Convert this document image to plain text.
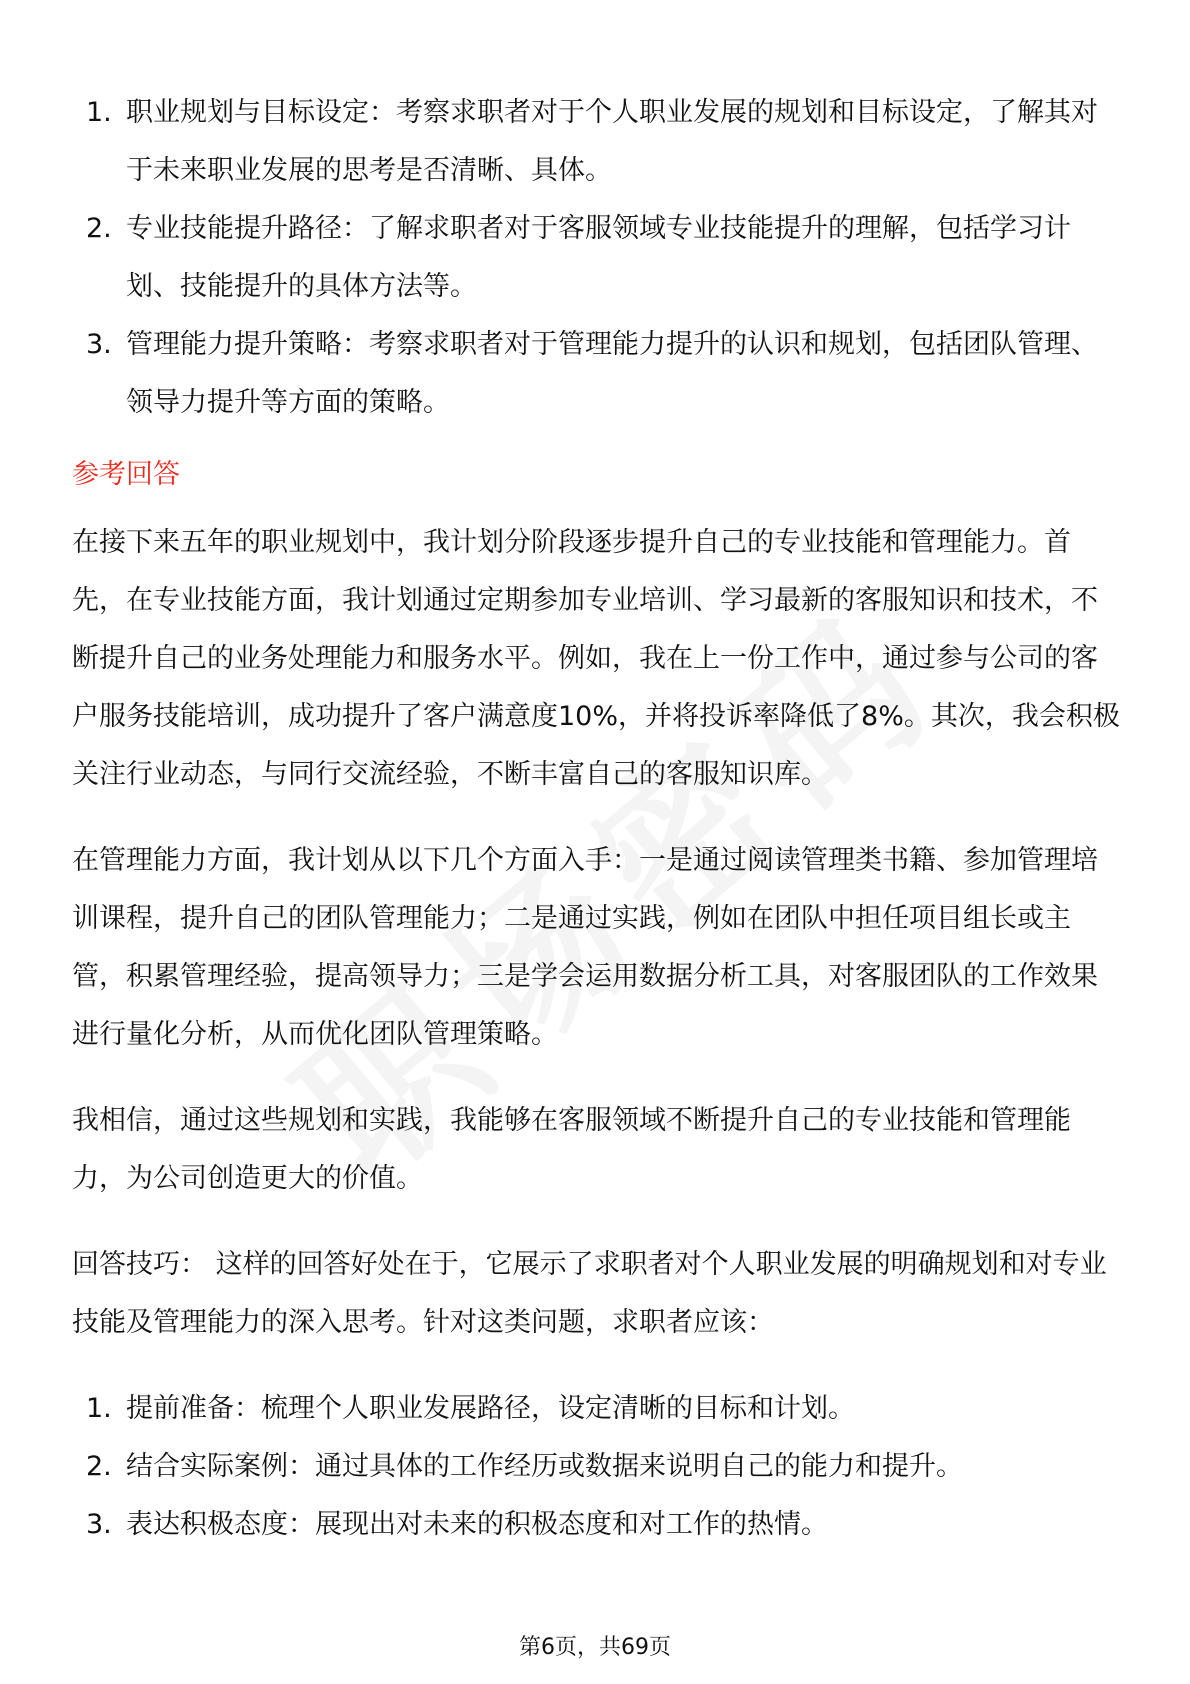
1. 职业规划与目标设定：考察求职者对于个人职业发展的规划和目标设定，了解其对于未来职业发展的思考是否清晰、具体。
2. 专业技能提升路径：了解求职者对于客服领域专业技能提升的理解，包括学习计划、技能提升的具体方法等。
3. 管理能力提升策略：考察求职者对于管理能力提升的认识和规划，包括团队管理、领导力提升等方面的策略。
参考回答

在接下来五年的职业规划中，我计划分阶段逐步提升自己的专业技能和管理能力。首先，在专业技能方面，我计划通过定期参加专业培训、学习最新的客服知识和技术，不断提升自己的业务处理能力和服务水平。例如，我在上一份工作中，通过参与公司的客户服务技能培训，成功提升了客户满意度10%，并将投诉率降低了8%。其次，我会积极关注行业动态，与同行交流经验，不断丰富自己的客服知识库。

在管理能力方面，我计划从以下几个方面入手：一是通过阅读管理类书籍、参加管理培训课程，提升自己的团队管理能力；二是通过实践，例如在团队中担任项目组长或主管，积累管理经验，提高领导力；三是学会运用数据分析工具，对客服团队的工作效果进行量化分析，从而优化团队管理策略。

我相信，通过这些规划和实践，我能够在客服领域不断提升自己的专业技能和管理能力，为公司创造更大的价值。

回答技巧： 这样的回答好处在于，它展示了求职者对个人职业发展的明确规划和对专业技能及管理能力的深入思考。针对这类问题，求职者应该：

1. 提前准备：梳理个人职业发展路径，设定清晰的目标和计划。
2. 结合实际案例：通过具体的工作经历或数据来说明自己的能力和提升。
3. 表达积极态度：展现出对未来的积极态度和对工作的热情。
第6页，共69页
